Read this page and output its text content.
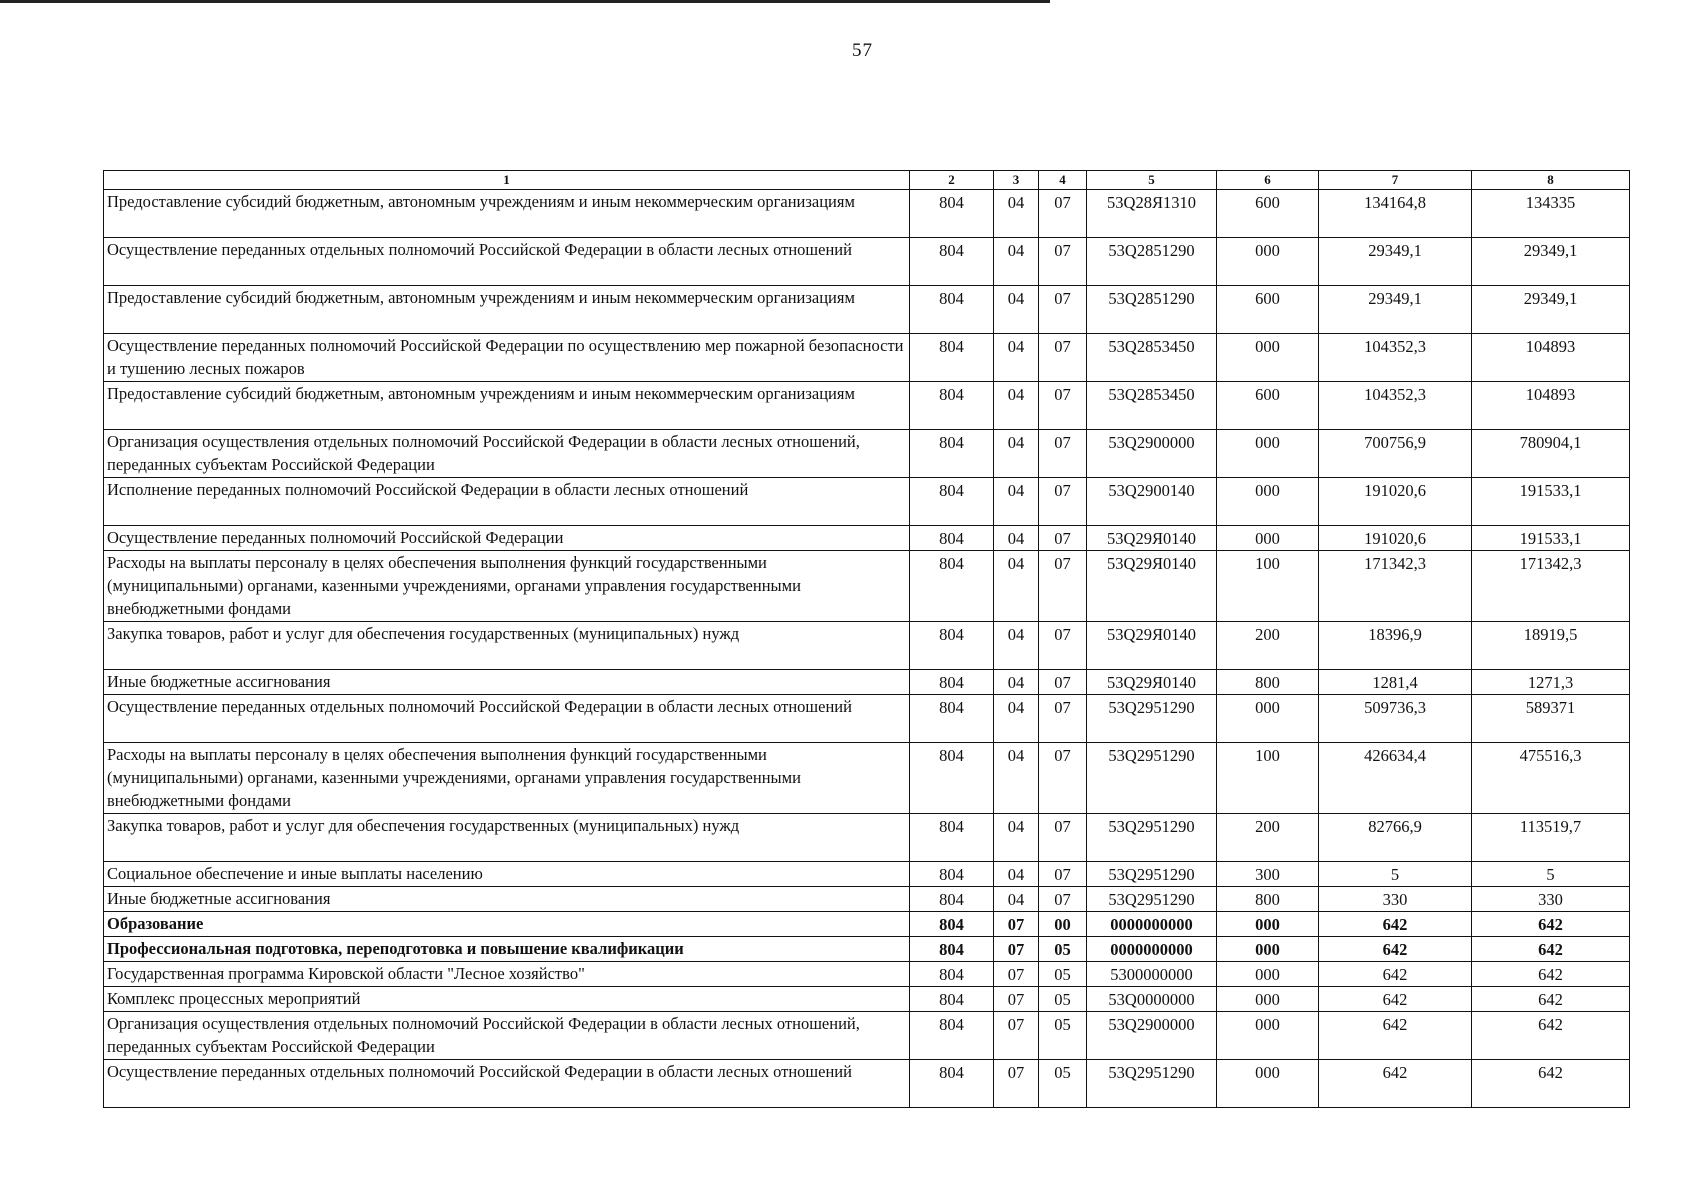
57
1	2	3	4	5	6	7	8
Предоставление субсидий бюджетным, автономным учреждениям и иным некоммерческим организациям	804	04	07	53Q28Я1310	600	134164,8	134335
Осуществление переданных отдельных полномочий Российской Федерации в области лесных отношений	804	04	07	53Q2851290	000	29349,1	29349,1
Предоставление субсидий бюджетным, автономным учреждениям и иным некоммерческим организациям	804	04	07	53Q2851290	600	29349,1	29349,1
Осуществление переданных полномочий Российской Федерации по осуществлению мер пожарной безопасности и тушению лесных пожаров	804	04	07	53Q2853450	000	104352,3	104893
Предоставление субсидий бюджетным, автономным учреждениям и иным некоммерческим организациям	804	04	07	53Q2853450	600	104352,3	104893
Организация осуществления отдельных полномочий Российской Федерации в области лесных отношений, переданных субъектам Российской Федерации	804	04	07	53Q2900000	000	700756,9	780904,1
Исполнение переданных полномочий Российской Федерации в области лесных отношений	804	04	07	53Q2900140	000	191020,6	191533,1
Осуществление переданных полномочий Российской Федерации	804	04	07	53Q29Я0140	000	191020,6	191533,1
Расходы на выплаты персоналу в целях обеспечения выполнения функций государственными (муниципальными) органами, казенными учреждениями, органами управления государственными внебюджетными фондами	804	04	07	53Q29Я0140	100	171342,3	171342,3
Закупка товаров, работ и услуг для обеспечения государственных (муниципальных) нужд	804	04	07	53Q29Я0140	200	18396,9	18919,5
Иные бюджетные ассигнования	804	04	07	53Q29Я0140	800	1281,4	1271,3
Осуществление переданных отдельных полномочий Российской Федерации в области лесных отношений	804	04	07	53Q2951290	000	509736,3	589371
Расходы на выплаты персоналу в целях обеспечения выполнения функций государственными (муниципальными) органами, казенными учреждениями, органами управления государственными внебюджетными фондами	804	04	07	53Q2951290	100	426634,4	475516,3
Закупка товаров, работ и услуг для обеспечения государственных (муниципальных) нужд	804	04	07	53Q2951290	200	82766,9	113519,7
Социальное обеспечение и иные выплаты населению	804	04	07	53Q2951290	300	5	5
Иные бюджетные ассигнования	804	04	07	53Q2951290	800	330	330
Образование	804	07	00	0000000000	000	642	642
Профессиональная подготовка, переподготовка и повышение квалификации	804	07	05	0000000000	000	642	642
Государственная программа Кировской области "Лесное хозяйство"	804	07	05	5300000000	000	642	642
Комплекс процессных мероприятий	804	07	05	53Q0000000	000	642	642
Организация осуществления отдельных полномочий Российской Федерации в области лесных отношений, переданных субъектам Российской Федерации	804	07	05	53Q2900000	000	642	642
Осуществление переданных отдельных полномочий Российской Федерации в области лесных отношений	804	07	05	53Q2951290	000	642	642
